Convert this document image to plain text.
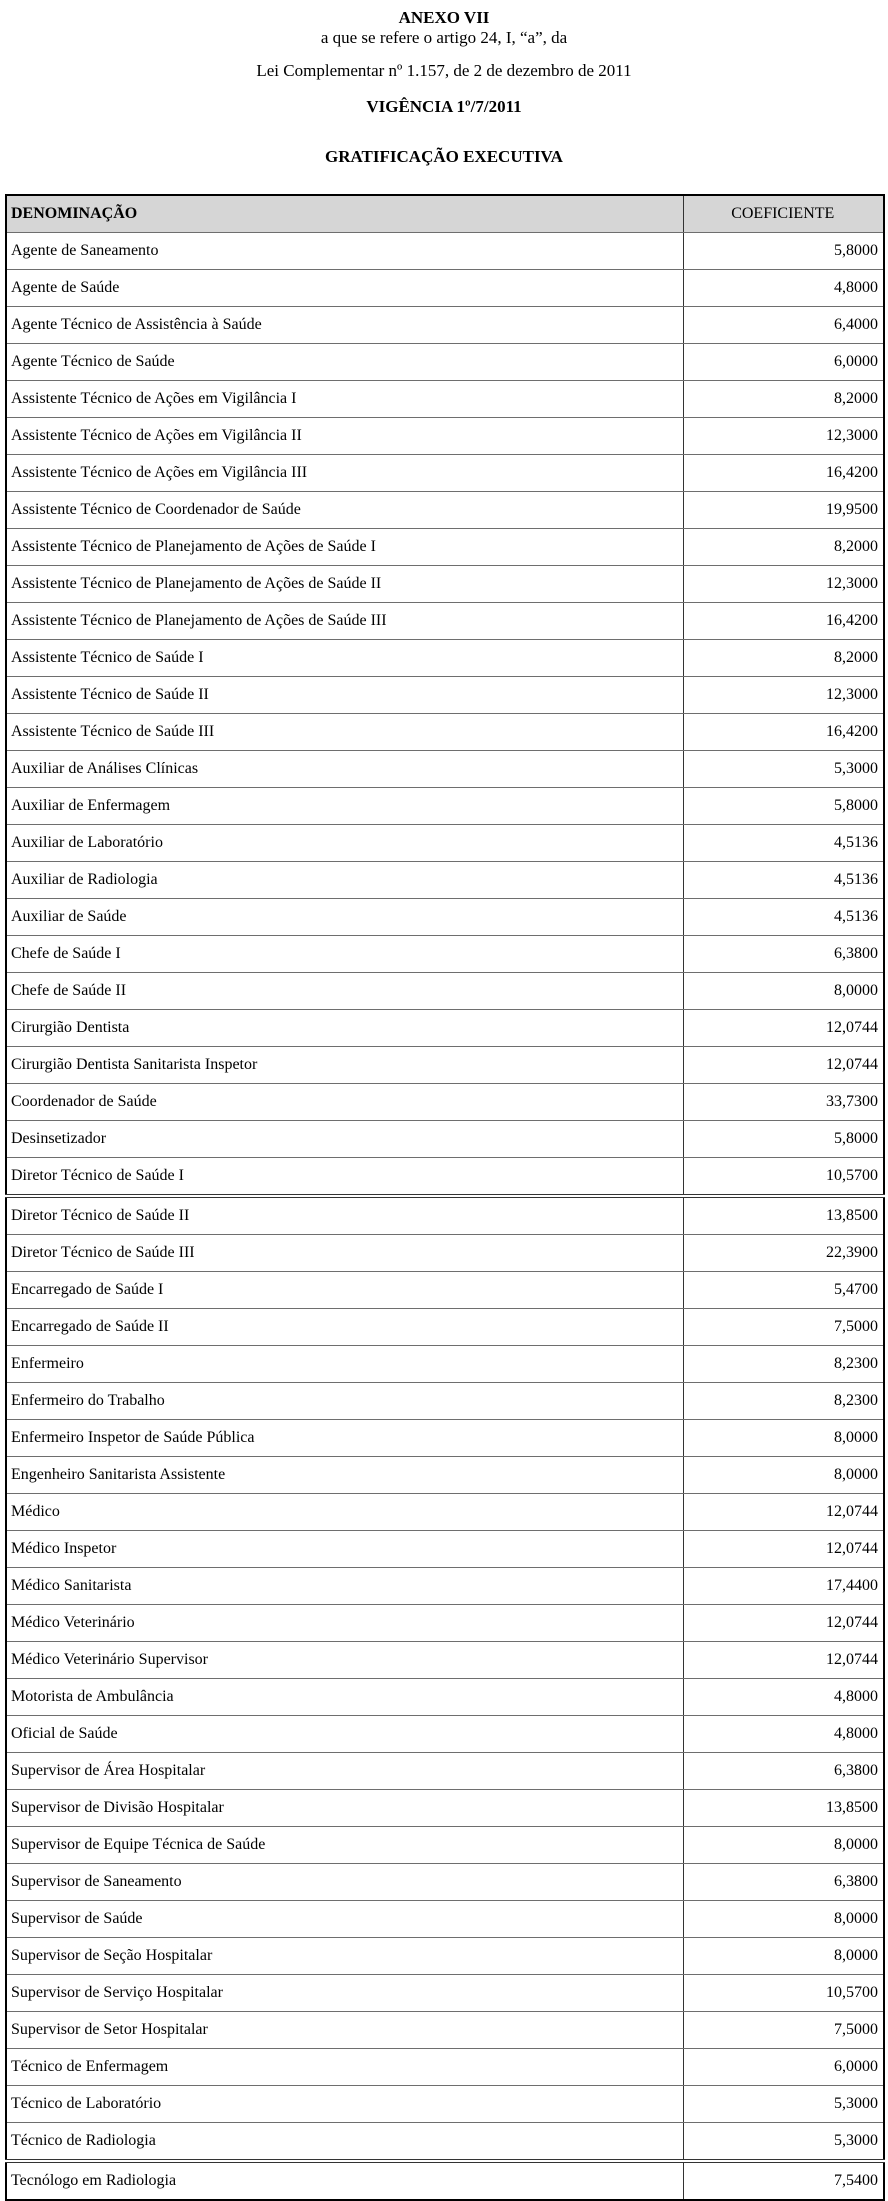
ANEXO VII
a que se refere o artigo 24, I, “a”, da
Lei Complementar nº 1.157, de 2 de dezembro de 2011
VIGÊNCIA 1º/7/2011
GRATIFICAÇÃO EXECUTIVA
DENOMINAÇÃO	COEFICIENTE
Agente de Saneamento	5,8000
Agente de Saúde	4,8000
Agente Técnico de Assistência à Saúde	6,4000
Agente Técnico de Saúde	6,0000
Assistente Técnico de Ações em Vigilância I	8,2000
Assistente Técnico de Ações em Vigilância II	12,3000
Assistente Técnico de Ações em Vigilância III	16,4200
Assistente Técnico de Coordenador de Saúde	19,9500
Assistente Técnico de Planejamento de Ações de Saúde I	8,2000
Assistente Técnico de Planejamento de Ações de Saúde II	12,3000
Assistente Técnico de Planejamento de Ações de Saúde III	16,4200
Assistente Técnico de Saúde I	8,2000
Assistente Técnico de Saúde II	12,3000
Assistente Técnico de Saúde III	16,4200
Auxiliar de Análises Clínicas	5,3000
Auxiliar de Enfermagem	5,8000
Auxiliar de Laboratório	4,5136
Auxiliar de Radiologia	4,5136
Auxiliar de Saúde	4,5136
Chefe de Saúde I	6,3800
Chefe de Saúde II	8,0000
Cirurgião Dentista	12,0744
Cirurgião Dentista Sanitarista Inspetor	12,0744
Coordenador de Saúde	33,7300
Desinsetizador	5,8000
Diretor Técnico de Saúde I	10,5700
Diretor Técnico de Saúde II	13,8500
Diretor Técnico de Saúde III	22,3900
Encarregado de Saúde I	5,4700
Encarregado de Saúde II	7,5000
Enfermeiro	8,2300
Enfermeiro do Trabalho	8,2300
Enfermeiro Inspetor de Saúde Pública	8,0000
Engenheiro Sanitarista Assistente	8,0000
Médico	12,0744
Médico Inspetor	12,0744
Médico Sanitarista	17,4400
Médico Veterinário	12,0744
Médico Veterinário Supervisor	12,0744
Motorista de Ambulância	4,8000
Oficial de Saúde	4,8000
Supervisor de Área Hospitalar	6,3800
Supervisor de Divisão Hospitalar	13,8500
Supervisor de Equipe Técnica de Saúde	8,0000
Supervisor de Saneamento	6,3800
Supervisor de Saúde	8,0000
Supervisor de Seção Hospitalar	8,0000
Supervisor de Serviço Hospitalar	10,5700
Supervisor de Setor Hospitalar	7,5000
Técnico de Enfermagem	6,0000
Técnico de Laboratório	5,3000
Técnico de Radiologia	5,3000
Tecnólogo em Radiologia	7,5400
